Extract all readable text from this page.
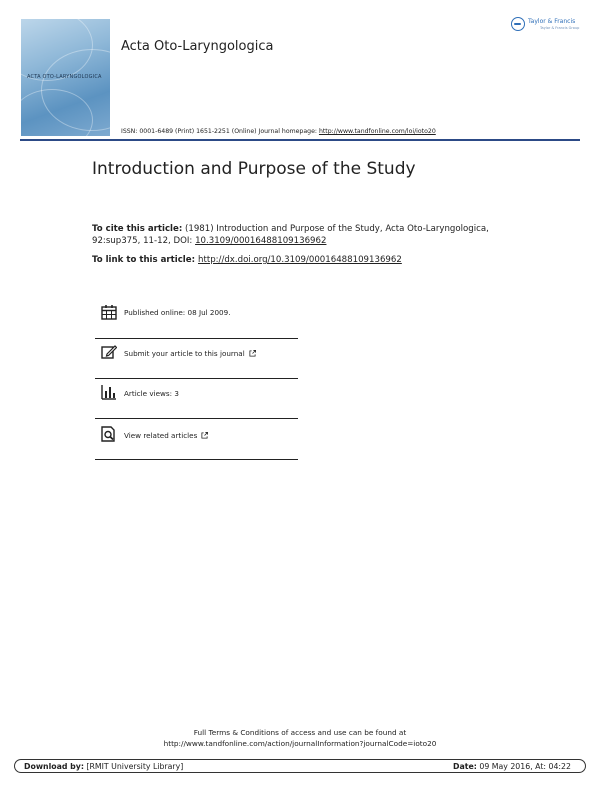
ACTA OTO-LARYNGOLOGICA

Acta Oto-Laryngologica
ISSN: 0001-6489 (Print) 1651-2251 (Online) Journal homepage: http://www.tandfonline.com/loi/ioto20
Taylor & Francis
Taylor & Francis Group
Introduction and Purpose of the Study
To cite this article: (1981) Introduction and Purpose of the Study, Acta Oto-Laryngologica, 92:sup375, 11-12, DOI: 10.3109/00016488109136962
To link to this article: http://dx.doi.org/10.3109/00016488109136962
Published online: 08 Jul 2009.
Submit your article to this journal
Article views: 3
View related articles
Full Terms & Conditions of access and use can be found at
http://www.tandfonline.com/action/journalInformation?journalCode=ioto20
Download by: [RMIT University Library]	Date: 09 May 2016, At: 04:22
